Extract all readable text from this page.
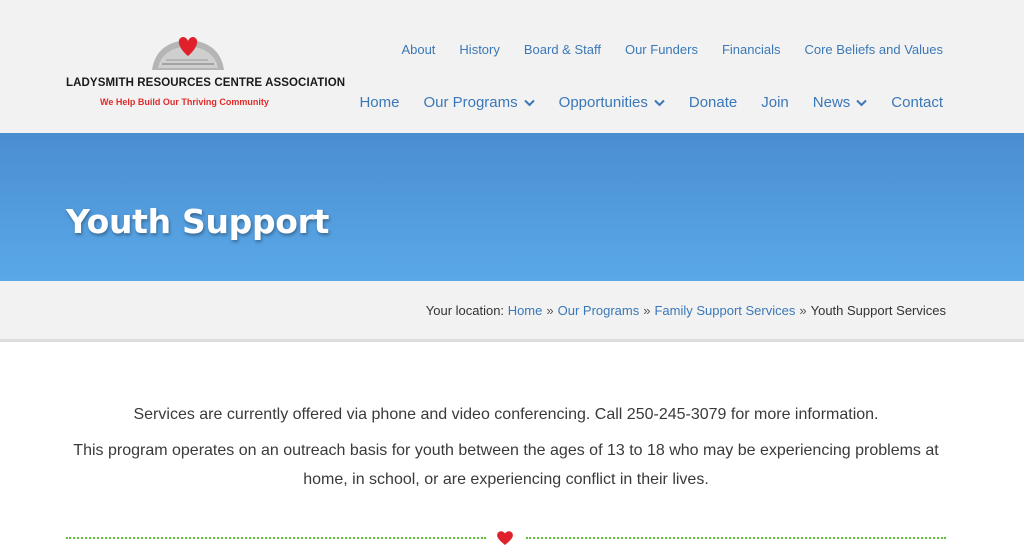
LADYSMITH RESOURCES CENTRE ASSOCIATION
We Help Build Our Thriving Community
About History Board & Staff Our Funders Financials Core Beliefs and Values
Home Our Programs	Opportunities	Donate Join News	Contact
Youth Support
Your location: Home » Our Programs » Family Support Services » Youth Support Services

Services are currently offered via phone and video conferencing. Call 250-245-3079 for more information.

This program operates on an outreach basis for youth between the ages of 13 to 18 who may be experiencing problems at home, in school, or are experiencing conflict in their lives.
